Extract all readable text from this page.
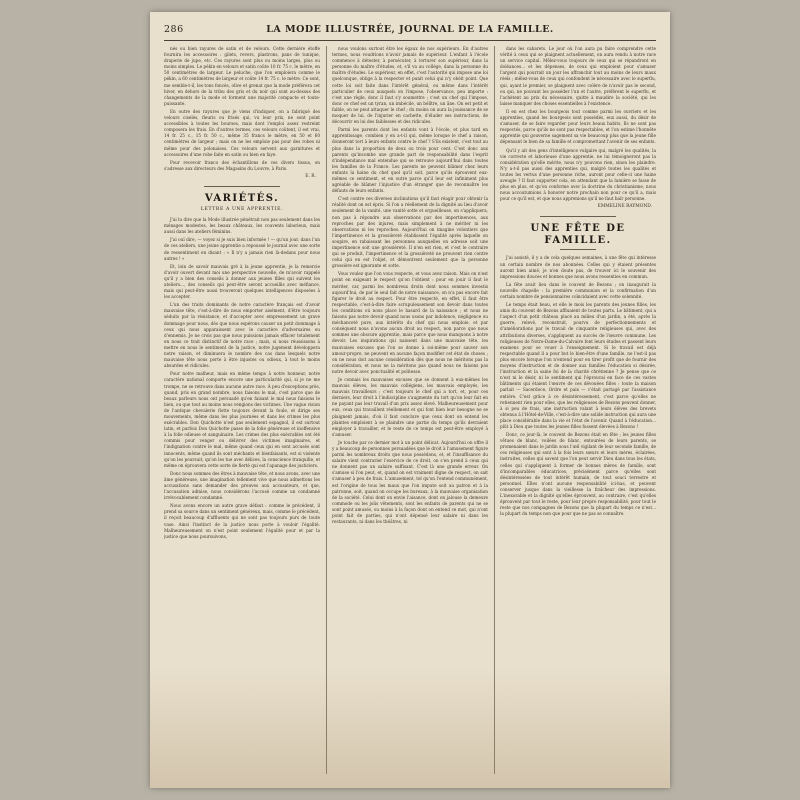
286	LA MODE ILLUSTRÉE, JOURNAL DE LA FAMILLE.

nés ou bien rayures de satin et de velours. Cette dernière étoffe fournira les accessoires : gilets, revers, plastrons, pans de tunique, draperie de jupe, etc. Ces rayures sont plus ou moins larges, plus ou moins simples. Le pékin en velours et satin coûte 10 fr. 75 c. le mètre, en 50 centimètres de largeur. Le peluche, que l'on emploiera comme le pékin, a 60 centimètres de largeur et coûte 14 fr. 75 c. le mètre. Ce sont, me semble-t-il, les tons foncés, olive et grenat que la mode préférera cet hiver, en dehors de la tribu des gris et du noir qui sont au-dessus des changements de la mode et forment une majorité compacte et toute-puissante.

En outre des rayures que je viens d'indiquer, on a fabriqué des velours ciselés, fleuris ou frisés qui, vu leur prix, ne sont point accessibles à toutes les bourses, mais dont l'emploi assez restreint composera les frais. En d'autres termes, ces velours coûtent, il est vrai, 14 fr. 25 c., 15 fr. 50 c., même 35 francs le mètre, en 50 et 60 centimètres de largeur ; mais on ne les emploie pas pour des robes ni même pour des polonaises. Ces velours servent aux garnitures et accessoires d'une robe faite en satin ou bien en faye.

Pour recevoir franco des échantillons de ces divers tissus, on s'adresse aux directeurs des Magasins du Louvre, à Paris.

E. R.
VARIÉTÉS.
LETTRE A UNE APPRENTIE.

J'ai lu dire que la Mode illustrée pénétrait non pas seulement dans les ménages modestes, les beaux châteaux, les couvents laborieux, mais aussi dans les ateliers féminins.

J'ai ouï dire, — voyez si je suis bien informée ! — qu'un jour, dans l'un de ces ateliers, une jeune apprentie a repoussé le journal avec une sorte de ressentiment en disant : « Il n'y a jamais rien là-dedans pour nous autres ! »

Et, loin de savoir mauvais gré à la jeune apprentie, je la remercie d'avoir ouvert devant moi une perspective nouvelle, de m'avoir rappelé qu'il y a bien des conseils à donner aux jeunes filles qui suivent les ateliers..., des conseils qui peut-être seront accueillis avec méfiance, mais qui peut-être aussi trouveront quelques intelligences disposées à les accepter.

L'un des traits dominants de notre caractère français est d'avoir mauvaise tête, c'est-à-dire de nous emporter aisément, d'être toujours séduits par la résistance, et d'accepter avec empressement un grave dommage pour nous, dès que nous espérons causer un petit dommage à ceux qui nous apparaissent avec le caractère d'adversaires ou d'ennemis. Je ne crois pas que nous puissions jamais effacer totalement en nous ce trait distinctif de notre race ; mais, si nous réussissons à mettre en nous le sentiment de la justice, notre jugement développera notre raison, et diminuera le nombre des cas dans lesquels notre mauvaise tête nous porte à être injustes ou odieux, à tout le moins absurdes et ridicules.

Pour notre malheur, mais en même temps à notre honneur, notre caractère national comporte encore une particularité qui, si je ne me trompe, ne se retrouve dans aucune autre race. À peu d'exceptions près, quand, pris en grand nombre, nous faisons le mal, c'est parce que de beaux parleurs nous ont persuadé qu'en faisant le mal nous faisions le bien, ou que tout au moins nous vengions des victimes. Une vague vision de l'antique chevalerie flotte toujours devant la foule, et dirige ses mouvements, même dans les plus journées et dans les crimes les plus exécrables. Don Quichotte n'est pas seulement espagnol, il est surtout latin, et parfois Don Quichotte passe de la folie généreuse et inoffensive à la folie odieuse et sanguinaire. Les crimes des plus exécrables ont été commis pour venger ou délivrer des victimes imaginaires, et l'indignation contre le mal, même quand ceux qui en sont accusés sont innocents, même quand ils sont méchants et bienfaisants, est si violente qu'on les poursuit, qu'on les tue avec délices, la conscience tranquille, et même on éprouvera cette sorte de fierté qui est l'apanage des justiciers.

Donc nous sommes des êtres à mauvaise tête, et nous avons, avec une âme généreuse, une imagination tellement vive que nous admettons les accusations sans demander des preuves aux accusateurs, et que, l'accusation admise, nous considérons l'accusé comme un condamné irrévocablement condamné.

Nous avons encore un autre grave défaut : comme le précédent, il prend sa source dans un sentiment généreux, mais, comme le précédent, il reçoit beaucoup d'affluents qui ne sont pas toujours purs de toute vase. Ainsi l'instinct de la justice nous porte à vouloir l'égalité. Malheureusement on n'est point seulement l'égalité pour et par la justice que nous poursuivons,

nous voulons surtout être les égaux de nos supérieurs. En d'autres termes, nous voudrions n'avoir jamais de supérieur. L'enfant à l'école commence à détester, à persécuter, à torturer son supérieur, dans la personne du maître d'études, et, s'il va au collège, dans la personne du maître d'études. Le supérieur, en effet, c'est l'autorité qui impose une loi quelconque, oblige à la respecter et punit celui qui n'y obéit point. Que cette loi soit faite dans l'intérêt général, ou même dans l'intérêt particulier de ceux auxquels on l'impose, l'observance, peu importe : c'est une règle, donc il faut s'y soumettre ; c'est un chef qui l'impose, donc ce chef est un tyran, un imbécile, un bélître, un âne. On est petit et faible, on ne peut attaquer le chef ; du moins on aura la jouissance de se moquer de lui, de l'injurier en cachette, d'éluder ses instructions, de découvrir en lui des faiblesses et des ridicules.

Parmi les parents dont les enfants vont à l'école, et plus tard en apprentissage, combien y en a-t-il qui, même lorsque le chef a raison, donneront tort à leurs enfants contre le chef ? S'ils existent, c'est tout au plus dans la proportion de deux ou trois pour cent. C'est donc aux parents qu'incombe une grande part de responsabilité dans l'esprit d'indépendance mal entendue qui se retrouve aujourd'hui dans toutes les familles de la France. Les parents ne peuvent blâmer chez leurs enfants la haine du chef quel qu'il soit, parce qu'ils éprouvent eux-mêmes ce sentiment, et en outre parce qu'il leur est infiniment plus agréable de blâmer l'injustice d'un étranger que de reconnaître les défauts de leurs enfants.

C'est contre ces diverses inclinations qu'il faut réagir pour obtenir la réalité dont on est épris. Si l'on a réellement de la dignité au lieu d'avoir seulement de la vanité, une vanité sotte et orgueilleuse, on s'appliquera, non pas à répondre aux observations par des impertinences, aux reproches par des injures, mais simplement à ne mériter ni les observations ni les reproches. Aujourd'hui on imagine volontiers que l'impertinence et la grossièreté établissent l'égalité après laquelle on soupire, en rabaissant les personnes auxquelles on adresse soit une impertinence soit une grossièreté. Il n'en est rien, et c'est le contraire qui se produit, l'impertinence et la grossièreté ne prouvent rien contre celui qui en est l'objet, et démontrent seulement que la personne grossière est ignorante et sotte.

Vous voulez que l'on vous respecte, et vous avez raison. Mais on n'est point en exigeant le respect qu'on l'obtient : pour en jouir il faut le mériter, car, parmi les nombreux droits dont nous sommes investis aujourd'hui, de par le seul fait de notre naissance, on n'a pas encore fait figurer le droit au respect. Pour être respecté, en effet, il faut être respectable, c'est-à-dire faire scrupuleusement son devoir dans toutes les conditions où nous place le hasard de la naissance ; et nous ne faisons pas notre devoir quand nous usons par indolence, négligence ou méchanceté pure, aux intérêts du chef qui nous emploie, et par conséquent nous n'avons aucun droit au respect, non parce que nous sommes une obscure apprentie, mais parce que nous manquons à notre devoir. Les inspirations qui naissent dans une mauvaise tête, les mauvaises excuses que l'on se donne à soi-même pour sauver son amour-propre, ne peuvent en aucune façon modifier cet état de choses ; on ne nous doit aucune considération dès que nous ne méritons pas la considération, et nous ne la méritons pas quand nous ne faisons pas notre devoir avec ponctualité et politesse.

Je connais les mauvaises excuses que se donnent à eux-mêmes les mauvais élèves, les mauvais collégiens, les mauvais employés, les mauvais travailleurs ; c'est toujours le chef qui a tort, et, pour ces derniers, leur droit à l'indiscipline s'augmente du tort qu'on leur fait en ne payant pas leur travail d'un prix assez élevé. Malheureusement pour eux, ceux qui travaillent réellement et qui font bien leur besogne ne se plaignent jamais, d'où il faut conclure que ceux dont on entend les plaintes emploient à se plaindre une partie du temps qu'ils devraient employer à travailler, et le reste de ce temps est peut-être employé à s'amuser.

Je touche par ce dernier mot à un point délicat. Aujourd'hui on offre il y a beaucoup de personnes persuadées que le droit à l'amusement figure parmi les nombreux droits que nous possédons, et, et l'insuffisance du salaire vient contrarier l'exercice de ce droit, on s'en prend à ceux qui ne donnent pas un salaire suffisant. C'est là une grande erreur. On s'amuse si l'on peut, et, quand on est vraiment digne de respect, on sait s'amuser à peu de frais. L'amusement, tel qu'on l'entend communément, est l'origine de tous les maux que l'on impute soit au patron et à la patronne, soit, quand on occupe les bureaux, à la mauvaise organisation de la société. Celui dont on envie l'aisance, dont on jalouse la demeure commode ou les jolis vêtements, sont les enfants de parents qui ne se sont point amusés, ou moins à la façon dont on entend ce mot, qui n'ont point fait de parties, qui n'ont dépensé leur salaire ni dans les restaurants, ni dans les théâtres, ni

dans les cabarets. Le jour où l'on aura pu faire comprendre cette vérité à ceux qui se plaignent actuellement, on aura rendu à notre race un service capital. Mêlez-vous toujours de ceux qui se répandront en doléances... et les dépenses, de ceux qui emploient pour s'amuser l'argent qui pourrait un jour les affranchir tout au moins de leurs maux réels ; mêlez-vous de ceux qui confondent le nécessaire avec le superflu, qui, ayant le premier, se plaignent avec colère de n'avoir pas le second, ou qui, ne pouvant les posséder l'un et l'autre, préfèrent le superflu, et l'achètent au prix du nécessaire, quitte à maudire la société, qui les laisse manquer des choses essentielles à l'existence.

Il en est chez les bourgeois tout comme parmi les ouvriers et les apprenties, quand les bourgeois sont possédés, eux aussi, du désir de s'amuser, de se faire regarder pour leurs beaux habits. Ils ne sont pas respectés, parce qu'ils ne sont pas respectables, et l'on estime l'honnête apprentie qui gouverne sagement sa vie beaucoup plus que la jeune fille dépensant le bien de sa famille et compromettant l'avenir de ses enfants.

Qu'il y ait des gens d'intelligence vulgaire qui, malgré les qualités, la vie correcte et laborieuse d'une apprentie, ne lui témoigneront pas la considération qu'elle mérite, nous n'y pouvons rien, sinon les plaindre. N'y a-t-il pas aussi des apprenties qui, malgré toutes les qualités et toutes les vertus d'une personne riche, auront pour celle-ci une haine aveugle ? Il faut supporter cela, en attendant que la lumière se fasse de plus en plus, et qu'on conforme avec la doctrine du christianisme, nous nous accoutumions à honorer notre prochain non pour ce qu'il a, mais pour ce qu'il est, et que nous apprenions qu'il ne faut haïr personne.

EMMELINE RAYMOND.
UNE FÊTE DE FAMILLE.

J'ai assisté, il y a de cela quelques semaines, à une fête qui intéresse un certain nombre de nos abonnées. Celles qui y étaient présentes auront bien aimé, je n'en doute pas, de trouver ici le souvenir des impressions douces et bonnes que nous avons ressenties en commun.

La fête avait lieu dans le couvent de Bezons ; on inaugurait la nouvelle chapelle : la première communion et la confirmation d'un certain nombre de pensionnaires coïncidaient avec cette solennité.

Le temps était beau, et elle le mois les parents des jeunes filles, les amis du couvent de Bezons affluaient de toutes parts. Le bâtiment, qui a l'aspect d'un petit château placé au milieu d'un jardin, a été, après la guerre, relevé, reconstruit, pourvu de perfectionnements et d'améliorations par le travail de cinquante religieuses qui, avec des attributions diverses, s'appliquent au succès de l'œuvre commune. Les religieuses de Notre-Dame-du-Calvaire font leurs études et passent leurs examens pour se vouer à l'enseignement. Si le travail est déjà respectable quand il a pour but le bien-être d'une famille, ne l'est-il pas plus encore lorsque l'on n'entend pour en tirer profit que de fournir des moyens d'instruction et de donner aux familles l'éducation si désirée, l'instruction et la saine foi de la charité chrétienne ? Je pense que ce n'est ni le désir, ni le sentiment qui l'éprouvai en face de ces vastes bâtiments qui étaient l'œuvre de ces dévouées filles : toute la maison parlait — Sacerdoce, Ordre et paix — c'était partagé par l'assistance entière. C'est grâce à ce désintéressement, c'est parce qu'elles ne retiennent rien pour elles, que les religieuses de Bezons peuvent donner, à si peu de frais, une instruction valant à leurs élèves des brevets obtenus à l'Hôtel-de-Ville, c'est-à-dire une solide instruction qui aura une place considérable dans la vie et l'état de l'avenir. Quand à l'éducation... plût à Dieu que toutes les jeunes filles fussent élevées à Bezons !

Donc, ce jour-là, le couvent de Bezons était en fête ; les jeunes filles vêtues de blanc, voilées de blanc, entourées de leurs parents, se promenaient dans le jardin sous l'œil vigilant de leur seconde famille, de ces religieuses qui sont à la fois leurs sœurs et leurs mères, éclairées, instruites, celles qui savent que l'on peut servir Dieu dans tous les états, celles qui s'appliquent à former de bonnes mères de famille, sont d'incomparables éducatrices, précisément parce qu'elles sont désintéressées de tout intérêt humain, de tout souci terrestre et personnel. Elles n'ont aucune responsabilité ici-bas, et peuvent conserver jusque dans la vieillesse la fraîcheur des impressions. L'inexorable et la dignité qu'elles éprouvent, au contraire, c'est qu'elles éprouvent par tout le reste, pour leur propre responsabilité, pour tout le reste que nos compagnes de Bezons que la plupart du temps ce n'est... la plupart du temps non que pour que ne pas se connaître.
